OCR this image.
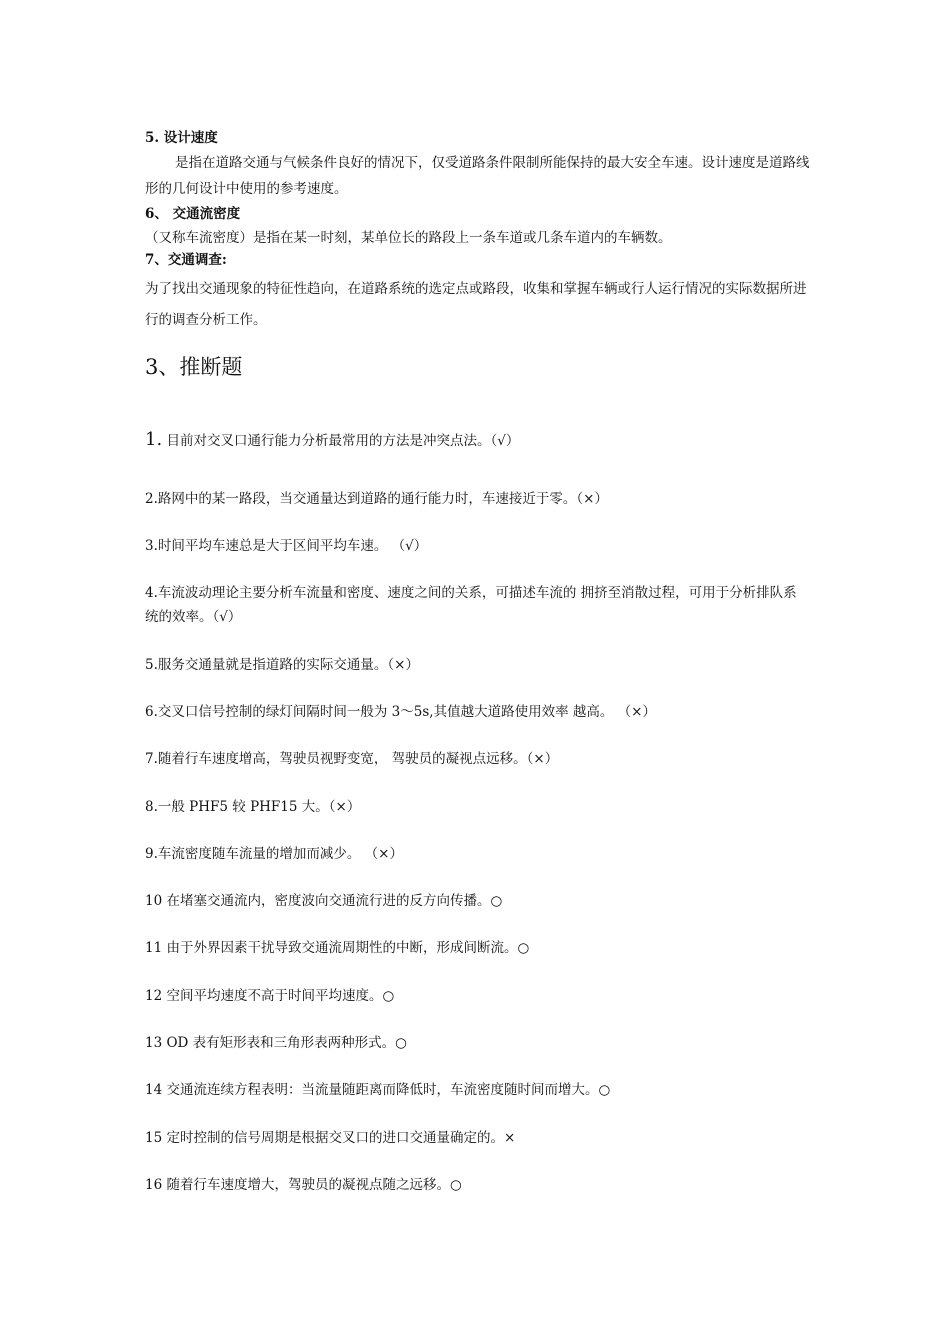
5. 设计速度
是指在道路交通与气候条件良好的情况下，仅受道路条件限制所能保持的最大安全车速。设计速度是道路线形的几何设计中使用的参考速度。
6、 交通流密度
（又称车流密度）是指在某一时刻，某单位长的路段上一条车道或几条车道内的车辆数。
7、交通调查:
为了找出交通现象的特征性趋向，在道路系统的选定点或路段，收集和掌握车辆或行人运行情况的实际数据所进行的调查分析工作。
3、推断题
1. 目前对交叉口通行能力分析最常用的方法是冲突点法。（√）
2.路网中的某一路段，当交通量达到道路的通行能力时，车速接近于零。（×）
3.时间平均车速总是大于区间平均车速。 （√）
4.车流波动理论主要分析车流量和密度、速度之间的关系，可描述车流的 拥挤至消散过程，可用于分析排队系统的效率。（√）
5.服务交通量就是指道路的实际交通量。（×）
6.交叉口信号控制的绿灯间隔时间一般为 3～5s,其值越大道路使用效率 越高。 （×）
7.随着行车速度增高，驾驶员视野变宽， 驾驶员的凝视点远移。（×）
8.一般 PHF5 较 PHF15 大。（×）
9.车流密度随车流量的增加而减少。 （×）
10 在堵塞交通流内，密度波向交通流行进的反方向传播。○
11 由于外界因素干扰导致交通流周期性的中断，形成间断流。○
12 空间平均速度不高于时间平均速度。○
13 OD 表有矩形表和三角形表两种形式。○
14 交通流连续方程表明：当流量随距离而降低时，车流密度随时间而增大。○
15 定时控制的信号周期是根据交叉口的进口交通量确定的。×
16 随着行车速度增大，驾驶员的凝视点随之远移。○
